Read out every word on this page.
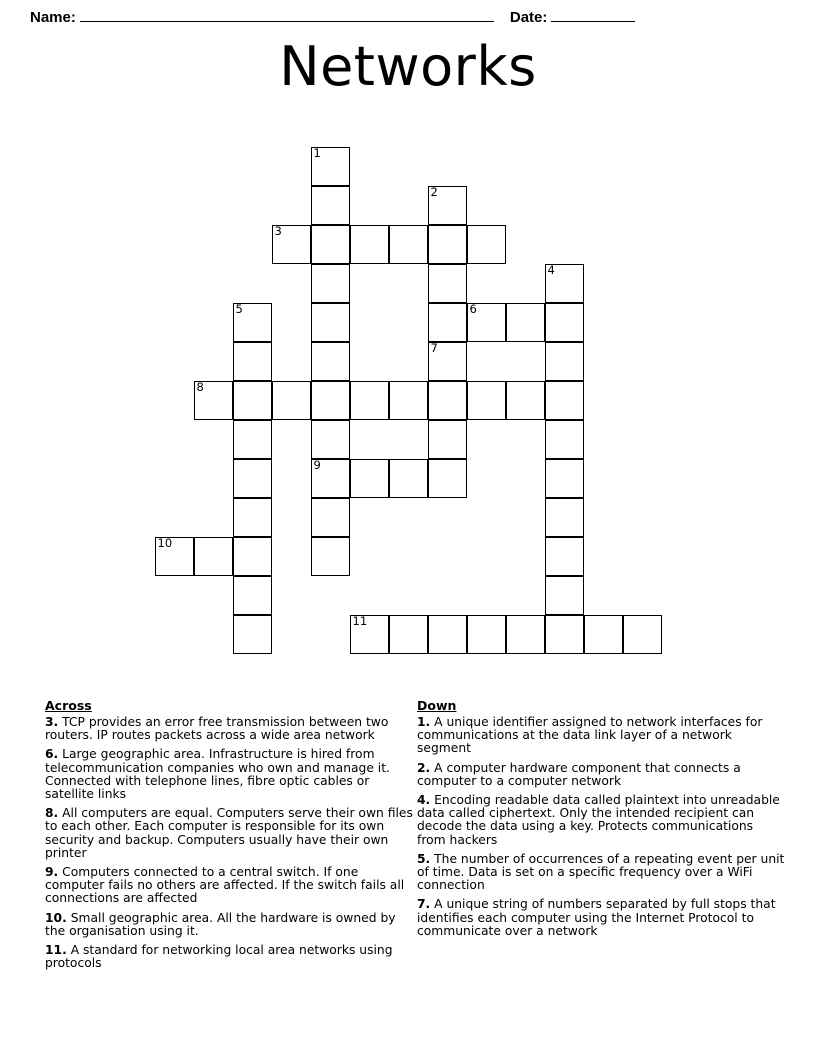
Name:	Date:
Networks
1
9
2
3
4
5	6
7
8
10
11
Across
3. TCP provides an error free transmission between two routers. IP routes packets across a wide area network
6. Large geographic area. Infrastructure is hired from telecommunication companies who own and manage it. Connected with telephone lines, fibre optic cables or satellite links
8. All computers are equal. Computers serve their own files to each other. Each computer is responsible for its own security and backup. Computers usually have their own printer
9. Computers connected to a central switch. If one computer fails no others are affected. If the switch fails all connections are affected
10. Small geographic area. All the hardware is owned by the organisation using it.
11. A standard for networking local area networks using protocols
Down
1. A unique identifier assigned to network interfaces for communications at the data link layer of a network segment
2. A computer hardware component that connects a computer to a computer network
4. Encoding readable data called plaintext into unreadable data called ciphertext. Only the intended recipient can decode the data using a key. Protects communications from hackers
5. The number of occurrences of a repeating event per unit of time. Data is set on a specific frequency over a WiFi connection
7. A unique string of numbers separated by full stops that identifies each computer using the Internet Protocol to communicate over a network
